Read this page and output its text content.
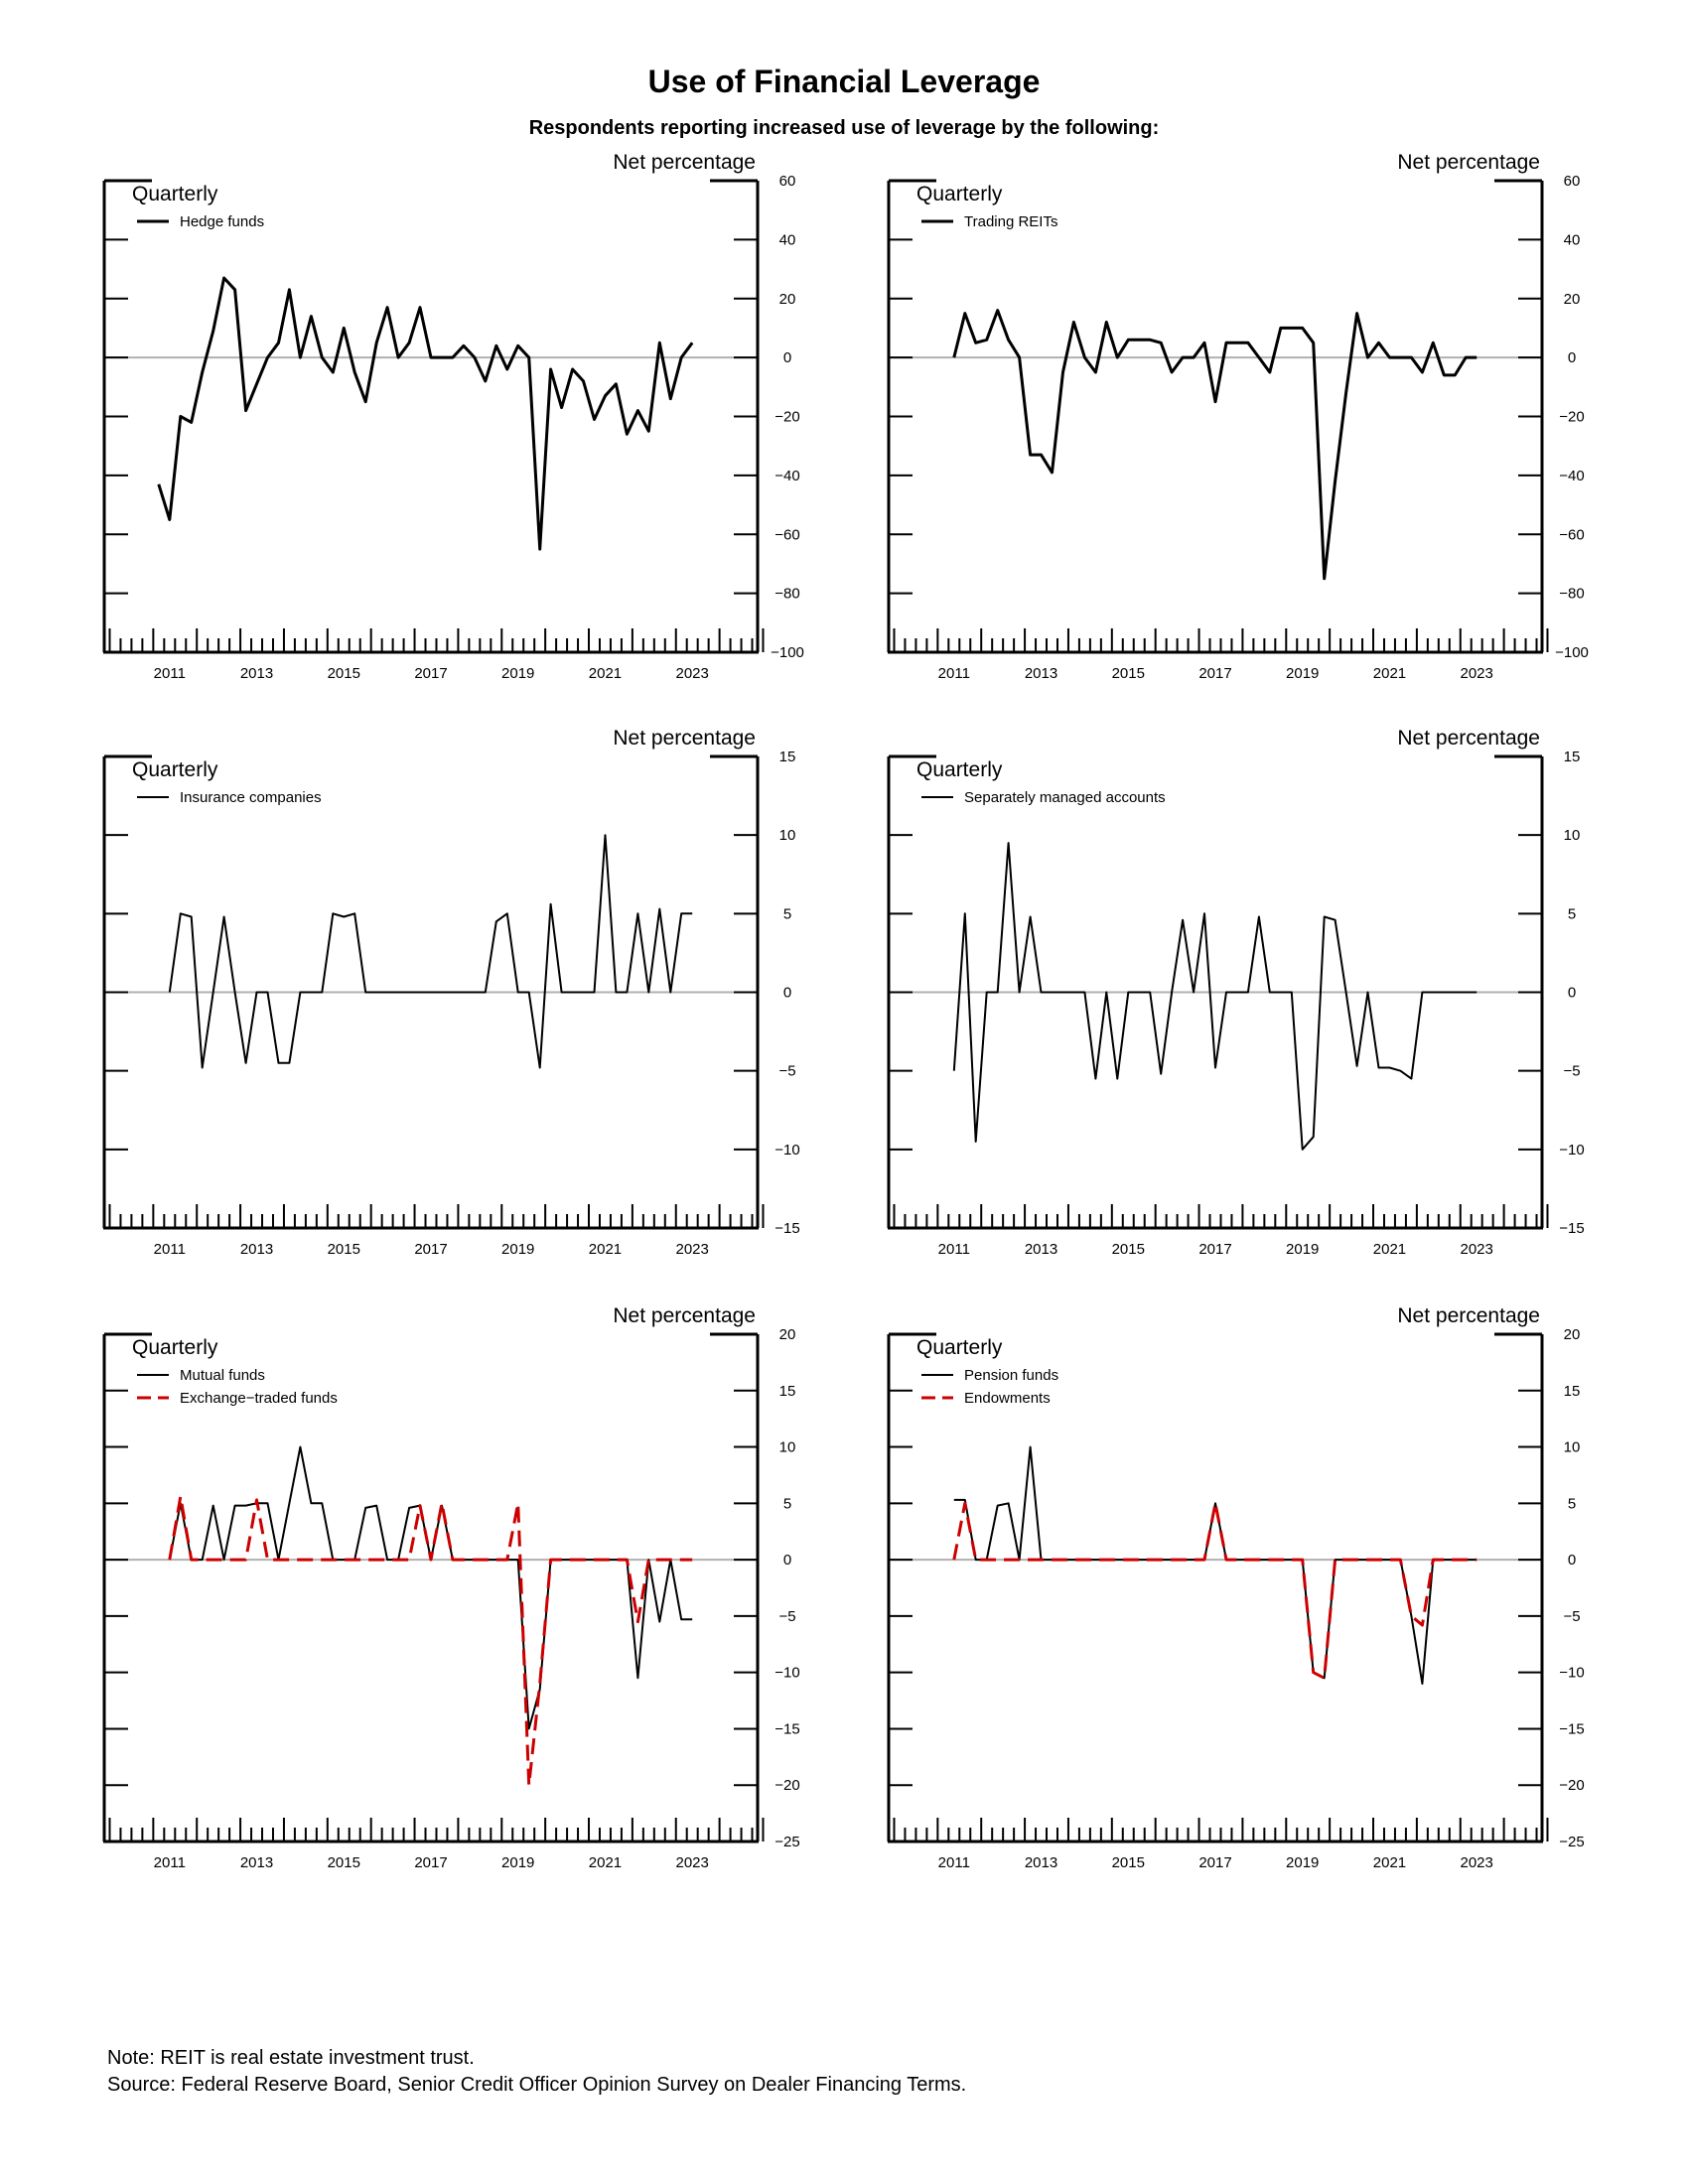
Use of Financial Leverage
Respondents reporting increased use of leverage by the following:
60
40
20
0
−20
−40
−60
−80
−100
2011	2013	2015	2017	2019	2021	2023
Net percentage
Quarterly
Hedge funds
60
40
20
0
−20
−40
−60
−80
−100
2011	2013	2015	2017	2019	2021	2023
Net percentage
Quarterly
Trading REITs
15
10
5
0
−5
−10
−15
2011	2013	2015	2017	2019	2021	2023
Net percentage
Quarterly
Insurance companies
15
10
5
0
−5
−10
−15
2011	2013	2015	2017	2019	2021	2023
Net percentage
Quarterly
Separately managed accounts
20
15
10
5
0
−5
−10
−15
−20
−25
2011	2013	2015	2017	2019	2021	2023
Net percentage
Quarterly
Mutual funds
Exchange−traded funds
20
15
10
5
0
−5
−10
−15
−20
−25
2011	2013	2015	2017	2019	2021	2023
Net percentage
Quarterly
Pension funds
Endowments
Note: REIT is real estate investment trust.
Source: Federal Reserve Board, Senior Credit Officer Opinion Survey on Dealer Financing Terms.
